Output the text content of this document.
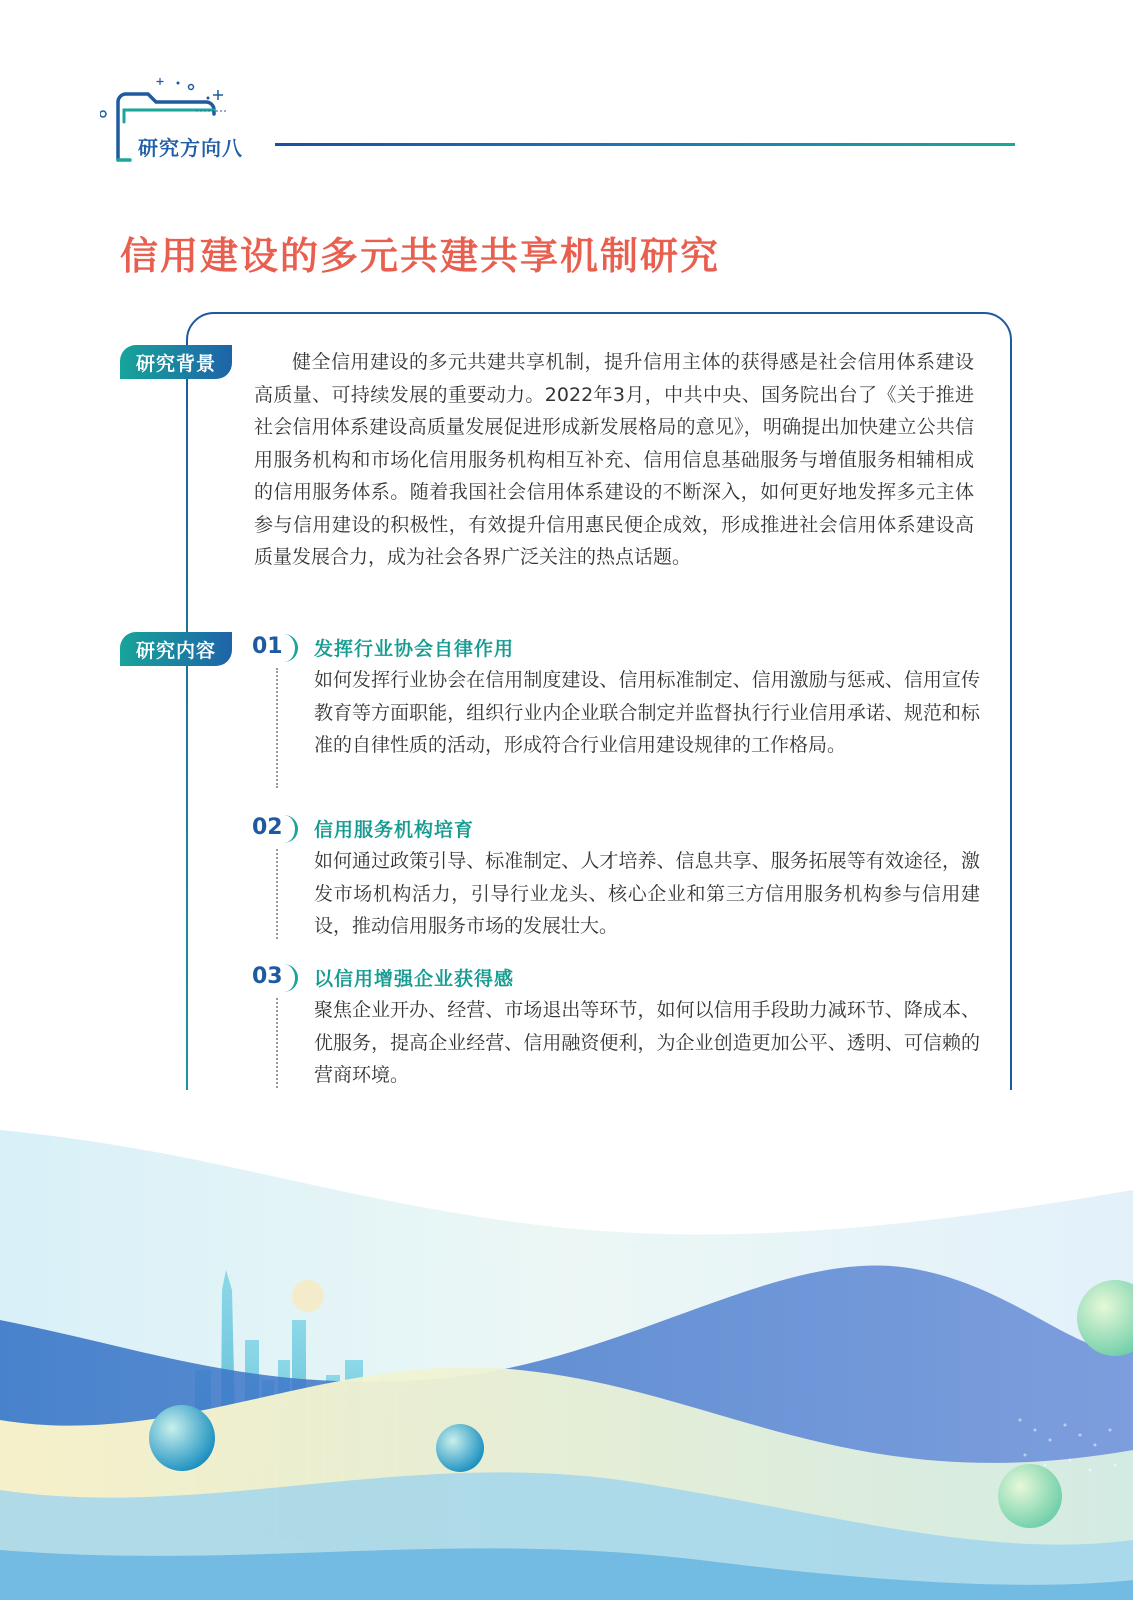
研究方向八
信用建设的多元共建共享机制研究
研究背景	健全信用建设的多元共建共享机制，提升信用主体的获得感是社会信用体系建设高质量、可持续发展的重要动力。2022年3月，中共中央、国务院出台了《关于推进社会信用体系建设高质量发展促进形成新发展格局的意见》，明确提出加快建立公共信用服务机构和市场化信用服务机构相互补充、信用信息基础服务与增值服务相辅相成的信用服务体系。随着我国社会信用体系建设的不断深入，如何更好地发挥多元主体参与信用建设的积极性，有效提升信用惠民便企成效，形成推进社会信用体系建设高质量发展合力，成为社会各界广泛关注的热点话题。

研究内容	01	发挥行业协会自律作用

如何发挥行业协会在信用制度建设、信用标准制定、信用激励与惩戒、信用宣传教育等方面职能，组织行业内企业联合制定并监督执行行业信用承诺、规范和标准的自律性质的活动，形成符合行业信用建设规律的工作格局。

02	信用服务机构培育

如何通过政策引导、标准制定、人才培养、信息共享、服务拓展等有效途径，激发市场机构活力，引导行业龙头、核心企业和第三方信用服务机构参与信用建设，推动信用服务市场的发展壮大。

03	以信用增强企业获得感

聚焦企业开办、经营、市场退出等环节，如何以信用手段助力减环节、降成本、优服务，提高企业经营、信用融资便利，为企业创造更加公平、透明、可信赖的营商环境。
